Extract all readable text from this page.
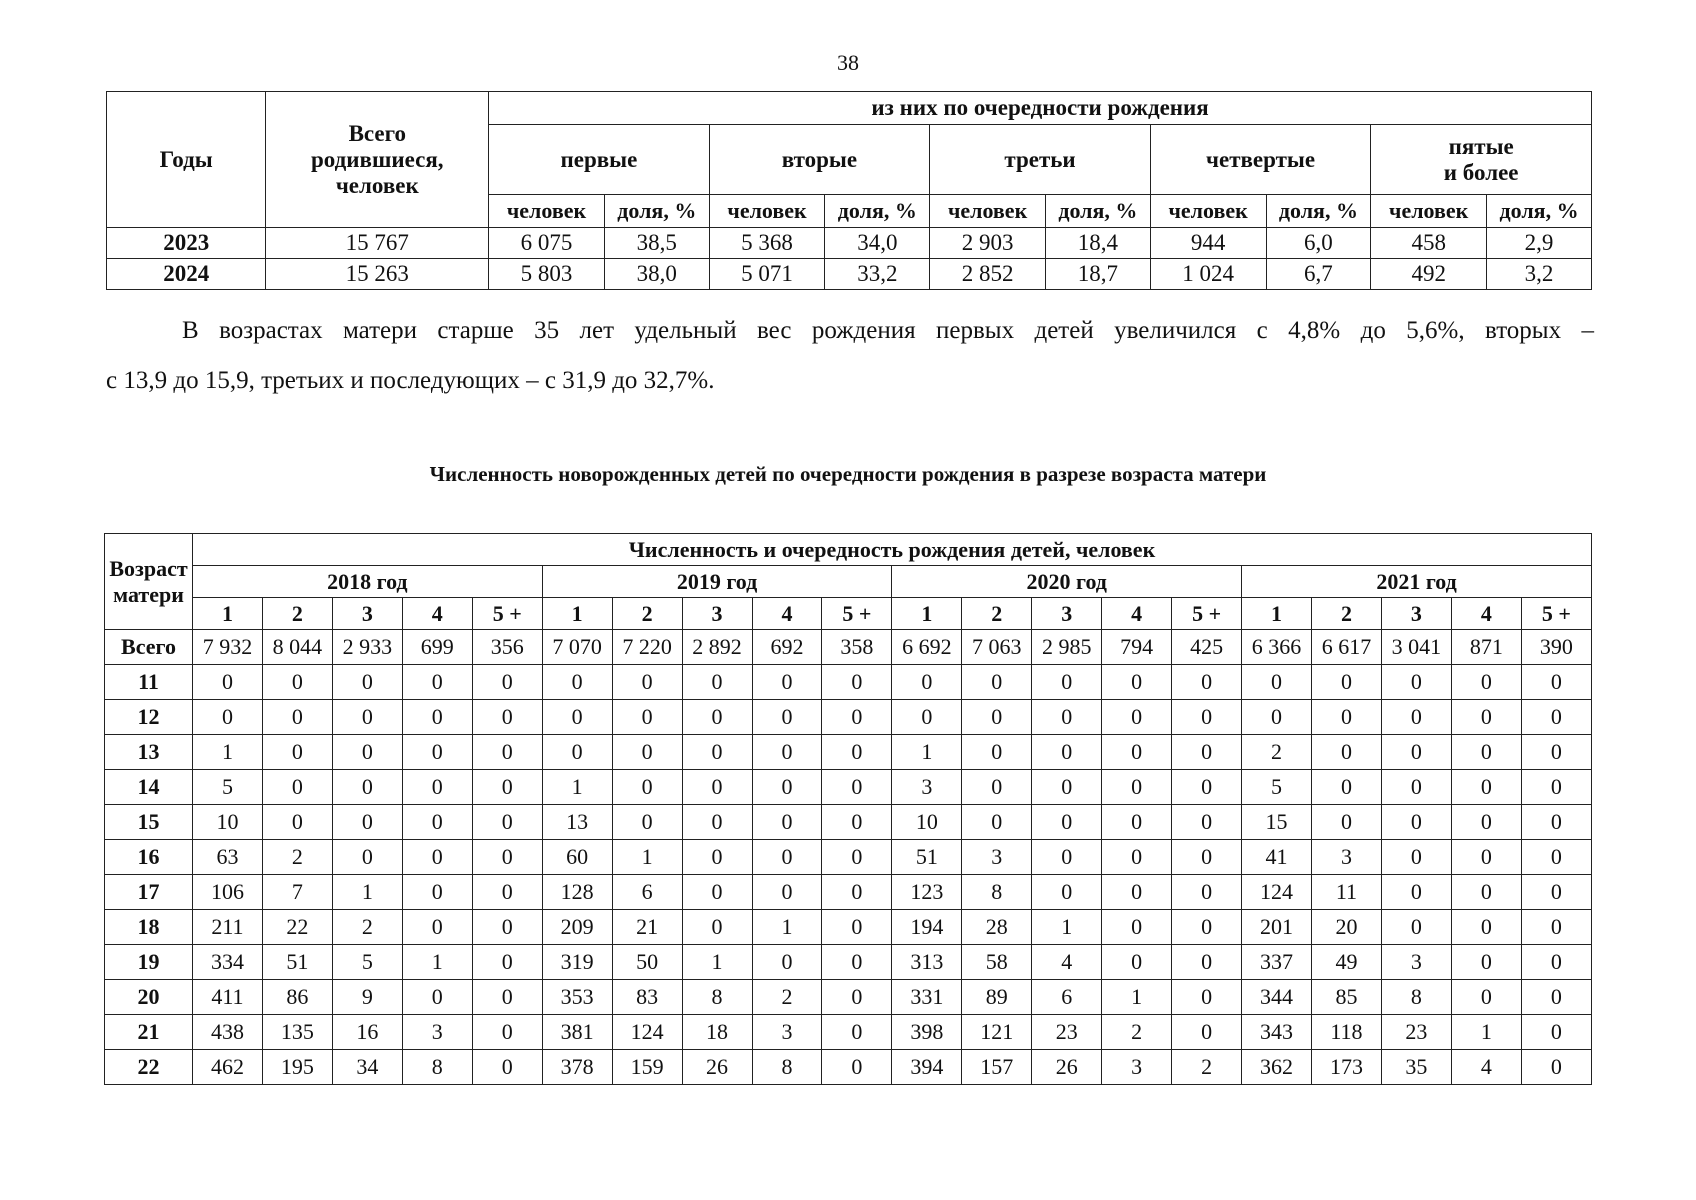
38
Годы	Всего родившиеся, человек	из них по очередности рождения									
		первые		вторые		третьи		четвертые		пятые и более	
		человек	доля, %	человек	доля, %	человек	доля, %	человек	доля, %	человек	доля, %
2023	15 767	6 075	38,5	5 368	34,0	2 903	18,4	944	6,0	458	2,9
2024	15 263	5 803	38,0	5 071	33,2	2 852	18,7	1 024	6,7	492	3,2
В возрастах матери старше 35 лет удельный вес рождения первых детей увеличился с 4,8% до 5,6%, вторых –
с 13,9 до 15,9, третьих и последующих – с 31,9 до 32,7%.
Численность новорожденных детей по очередности рождения в разрезе возраста матери
Возраст матери	Численность и очередность рождения детей, человек																			
	2018 год					2019 год					2020 год					2021 год				
	1	2	3	4	5 +	1	2	3	4	5 +	1	2	3	4	5 +	1	2	3	4	5 +
Всего	7 932	8 044	2 933	699	356	7 070	7 220	2 892	692	358	6 692	7 063	2 985	794	425	6 366	6 617	3 041	871	390
11	0	0	0	0	0	0	0	0	0	0	0	0	0	0	0	0	0	0	0	0
12	0	0	0	0	0	0	0	0	0	0	0	0	0	0	0	0	0	0	0	0
13	1	0	0	0	0	0	0	0	0	0	1	0	0	0	0	2	0	0	0	0
14	5	0	0	0	0	1	0	0	0	0	3	0	0	0	0	5	0	0	0	0
15	10	0	0	0	0	13	0	0	0	0	10	0	0	0	0	15	0	0	0	0
16	63	2	0	0	0	60	1	0	0	0	51	3	0	0	0	41	3	0	0	0
17	106	7	1	0	0	128	6	0	0	0	123	8	0	0	0	124	11	0	0	0
18	211	22	2	0	0	209	21	0	1	0	194	28	1	0	0	201	20	0	0	0
19	334	51	5	1	0	319	50	1	0	0	313	58	4	0	0	337	49	3	0	0
20	411	86	9	0	0	353	83	8	2	0	331	89	6	1	0	344	85	8	0	0
21	438	135	16	3	0	381	124	18	3	0	398	121	23	2	0	343	118	23	1	0
22	462	195	34	8	0	378	159	26	8	0	394	157	26	3	2	362	173	35	4	0
